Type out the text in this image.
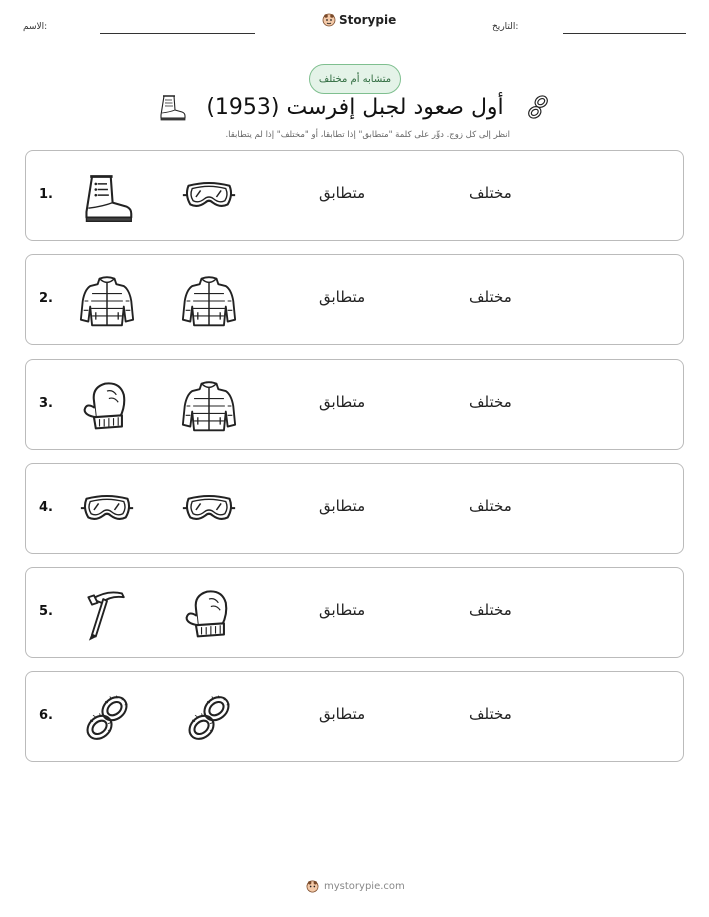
الاسم:	Storypie	التاريخ:
متشابه أم مختلف
أول صعود لجبل إفرست (1953)
انظر إلى كل زوج. دوِّر على كلمة "متطابق" إذا تطابقا، أو "مختلف" إذا لم يتطابقا.
1.	متطابق	مختلف
2.	متطابق	مختلف
3.	متطابق	مختلف
4.	متطابق	مختلف
5.	متطابق	مختلف
6.	متطابق	مختلف
mystorypie.com
